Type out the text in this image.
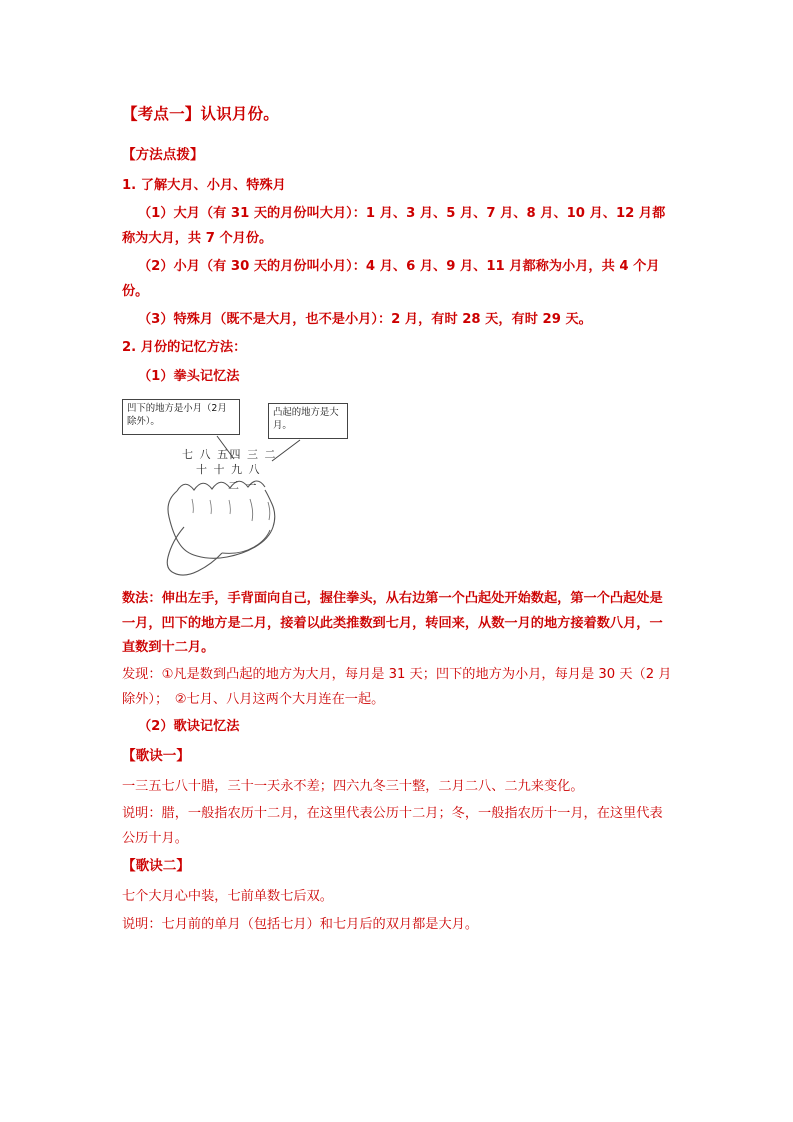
【考点一】认识月份。

【方法点拨】

1. 了解大月、小月、特殊月

（1）大月（有 31 天的月份叫大月）：1 月、3 月、5 月、7 月、8 月、10 月、12 月都称为大月，共 7 个月份。

（2）小月（有 30 天的月份叫小月）：4 月、6 月、9 月、11 月都称为小月，共 4 个月份。

（3）特殊月（既不是大月，也不是小月）：2 月，有时 28 天，有时 29 天。

2. 月份的记忆方法：

（1）拳头记忆法

凹下的地方是小月（2月除外）。
凸起的地方是大月。
七 八 五四 三 二
十 十 九 八
二 一

数法：伸出左手，手背面向自己，握住拳头，从右边第一个凸起处开始数起，第一个凸起处是一月，凹下的地方是二月，接着以此类推数到七月，转回来，从数一月的地方接着数八月，一直数到十二月。

发现：①凡是数到凸起的地方为大月，每月是 31 天；凹下的地方为小月，每月是 30 天（2 月除外）；　②七月、八月这两个大月连在一起。

（2）歌诀记忆法

【歌诀一】

一三五七八十腊，三十一天永不差；四六九冬三十整，二月二八、二九来变化。

说明：腊，一般指农历十二月，在这里代表公历十二月；冬，一般指农历十一月，在这里代表公历十月。

【歌诀二】

七个大月心中装，七前单数七后双。

说明：七月前的单月（包括七月）和七月后的双月都是大月。
